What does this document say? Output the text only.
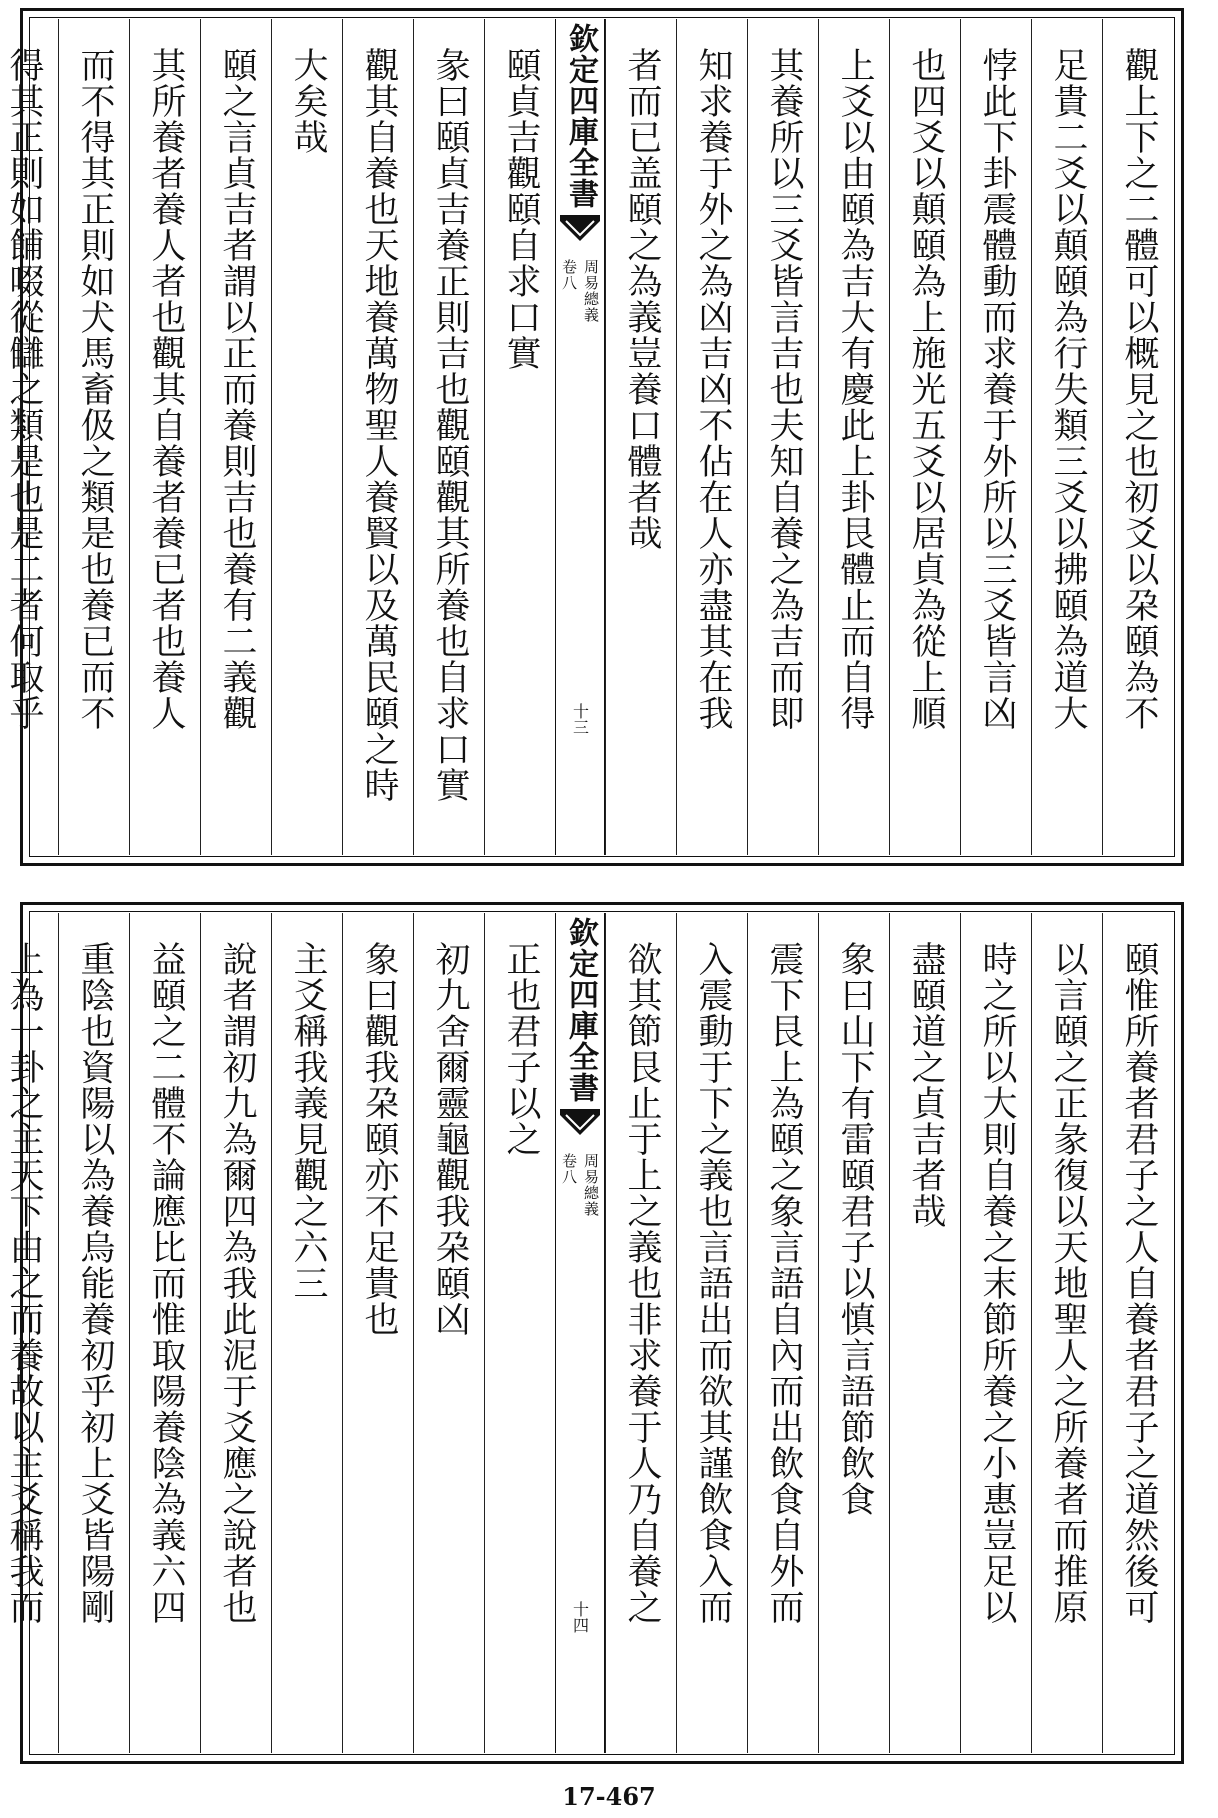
觀上下之二體可以概見之也初爻以朶頤為不
足貴二爻以顛頤為行失類三爻以拂頤為道大
悖此下卦震體動而求養于外所以三爻皆言凶
也四爻以顛頤為上施光五爻以居貞為從上順
上爻以由頤為吉大有慶此上卦艮體止而自得
其養所以三爻皆言吉也夫知自養之為吉而即
知求養于外之為凶吉凶不佔在人亦盡其在我
者而已盖頤之為義豈養口體者哉
欽定四庫全書
周易總義
卷八
十三
頤貞吉觀頤自求口實
彖曰頤貞吉養正則吉也觀頤觀其所養也自求口實
觀其自養也天地養萬物聖人養賢以及萬民頤之時
大矣哉
頤之言貞吉者謂以正而養則吉也養有二義觀
其所養者養人者也觀其自養者養已者也養人
而不得其正則如犬馬畜伋之類是也養已而不
得其正則如餔啜從讎之類是也是二者何取乎
頤惟所養者君子之人自養者君子之道然後可
以言頤之正彖復以天地聖人之所養者而推原
時之所以大則自養之末節所養之小惠豈足以
盡頤道之貞吉者哉
象曰山下有雷頤君子以慎言語節飲食
震下艮上為頤之象言語自內而出飲食自外而
入震動于下之義也言語出而欲其謹飲食入而
欲其節艮止于上之義也非求養于人乃自養之
欽定四庫全書
周易總義
卷八
十四
正也君子以之
初九舍爾靈龜觀我朶頤凶
象曰觀我朶頤亦不足貴也
主爻稱我義見觀之六三
說者謂初九為爾四為我此泥于爻應之說者也
益頤之二體不論應比而惟取陽養陰為義六四
重陰也資陽以為養烏能養初乎初上爻皆陽剛
上為一卦之主天下由之而養故以主爻稱我而
17-467
